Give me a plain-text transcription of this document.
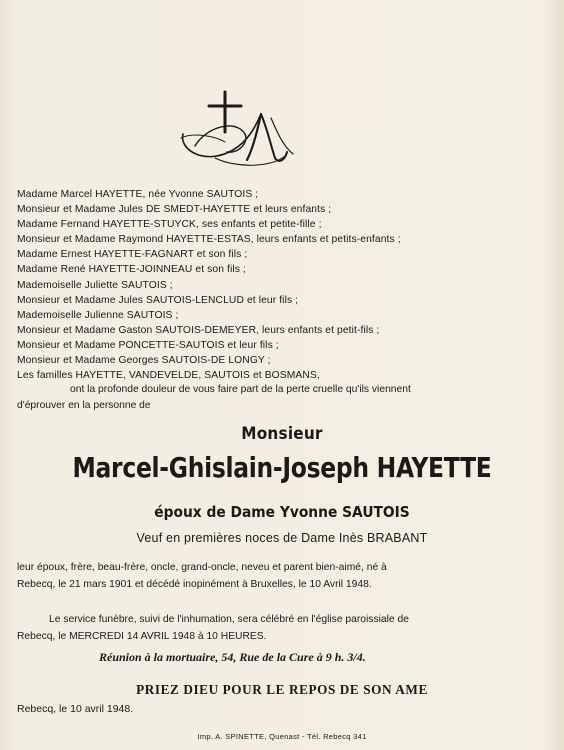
Madame Marcel HAYETTE, née Yvonne SAUTOIS ;
Monsieur et Madame Jules DE SMEDT-HAYETTE et leurs enfants ;
Madame Fernand HAYETTE-STUYCK, ses enfants et petite-fille ;
Monsieur et Madame Raymond HAYETTE-ESTAS, leurs enfants et petits-enfants ;
Madame Ernest HAYETTE-FAGNART et son fils ;
Madame René HAYETTE-JOINNEAU et son fils ;
Mademoiselle Juliette SAUTOIS ;
Monsieur et Madame Jules SAUTOIS-LENCLUD et leur fils ;
Mademoiselle Julienne SAUTOIS ;
Monsieur et Madame Gaston SAUTOIS-DEMEYER, leurs enfants et petit-fils ;
Monsieur et Madame PONCETTE-SAUTOIS et leur fils ;
Monsieur et Madame Georges SAUTOIS-DE LONGY ;
Les familles HAYETTE, VANDEVELDE, SAUTOIS et BOSMANS,
ont la profonde douleur de vous faire part de la perte cruelle qu'ils viennent
d'éprouver en la personne de
Monsieur
Marcel-Ghislain-Joseph HAYETTE
époux de Dame Yvonne SAUTOIS
Veuf en premières noces de Dame Inès BRABANT
leur époux, frère, beau-frère, oncle, grand-oncle, neveu et parent bien-aimé, né à
Rebecq, le 21 mars 1901 et décédé inopinément à Bruxelles, le 10 Avril 1948.
Le service funèbre, suivi de l'inhumation, sera célébré en l'église paroissiale de
Rebecq, le MERCREDI 14 AVRIL 1948 à 10 HEURES.
Réunion à la mortuaire, 54, Rue de la Cure à 9 h. 3/4.
PRIEZ DIEU POUR LE REPOS DE SON AME
Rebecq, le 10 avril 1948.
Imp. A. SPINETTE, Quenast - Tél. Rebecq 341
